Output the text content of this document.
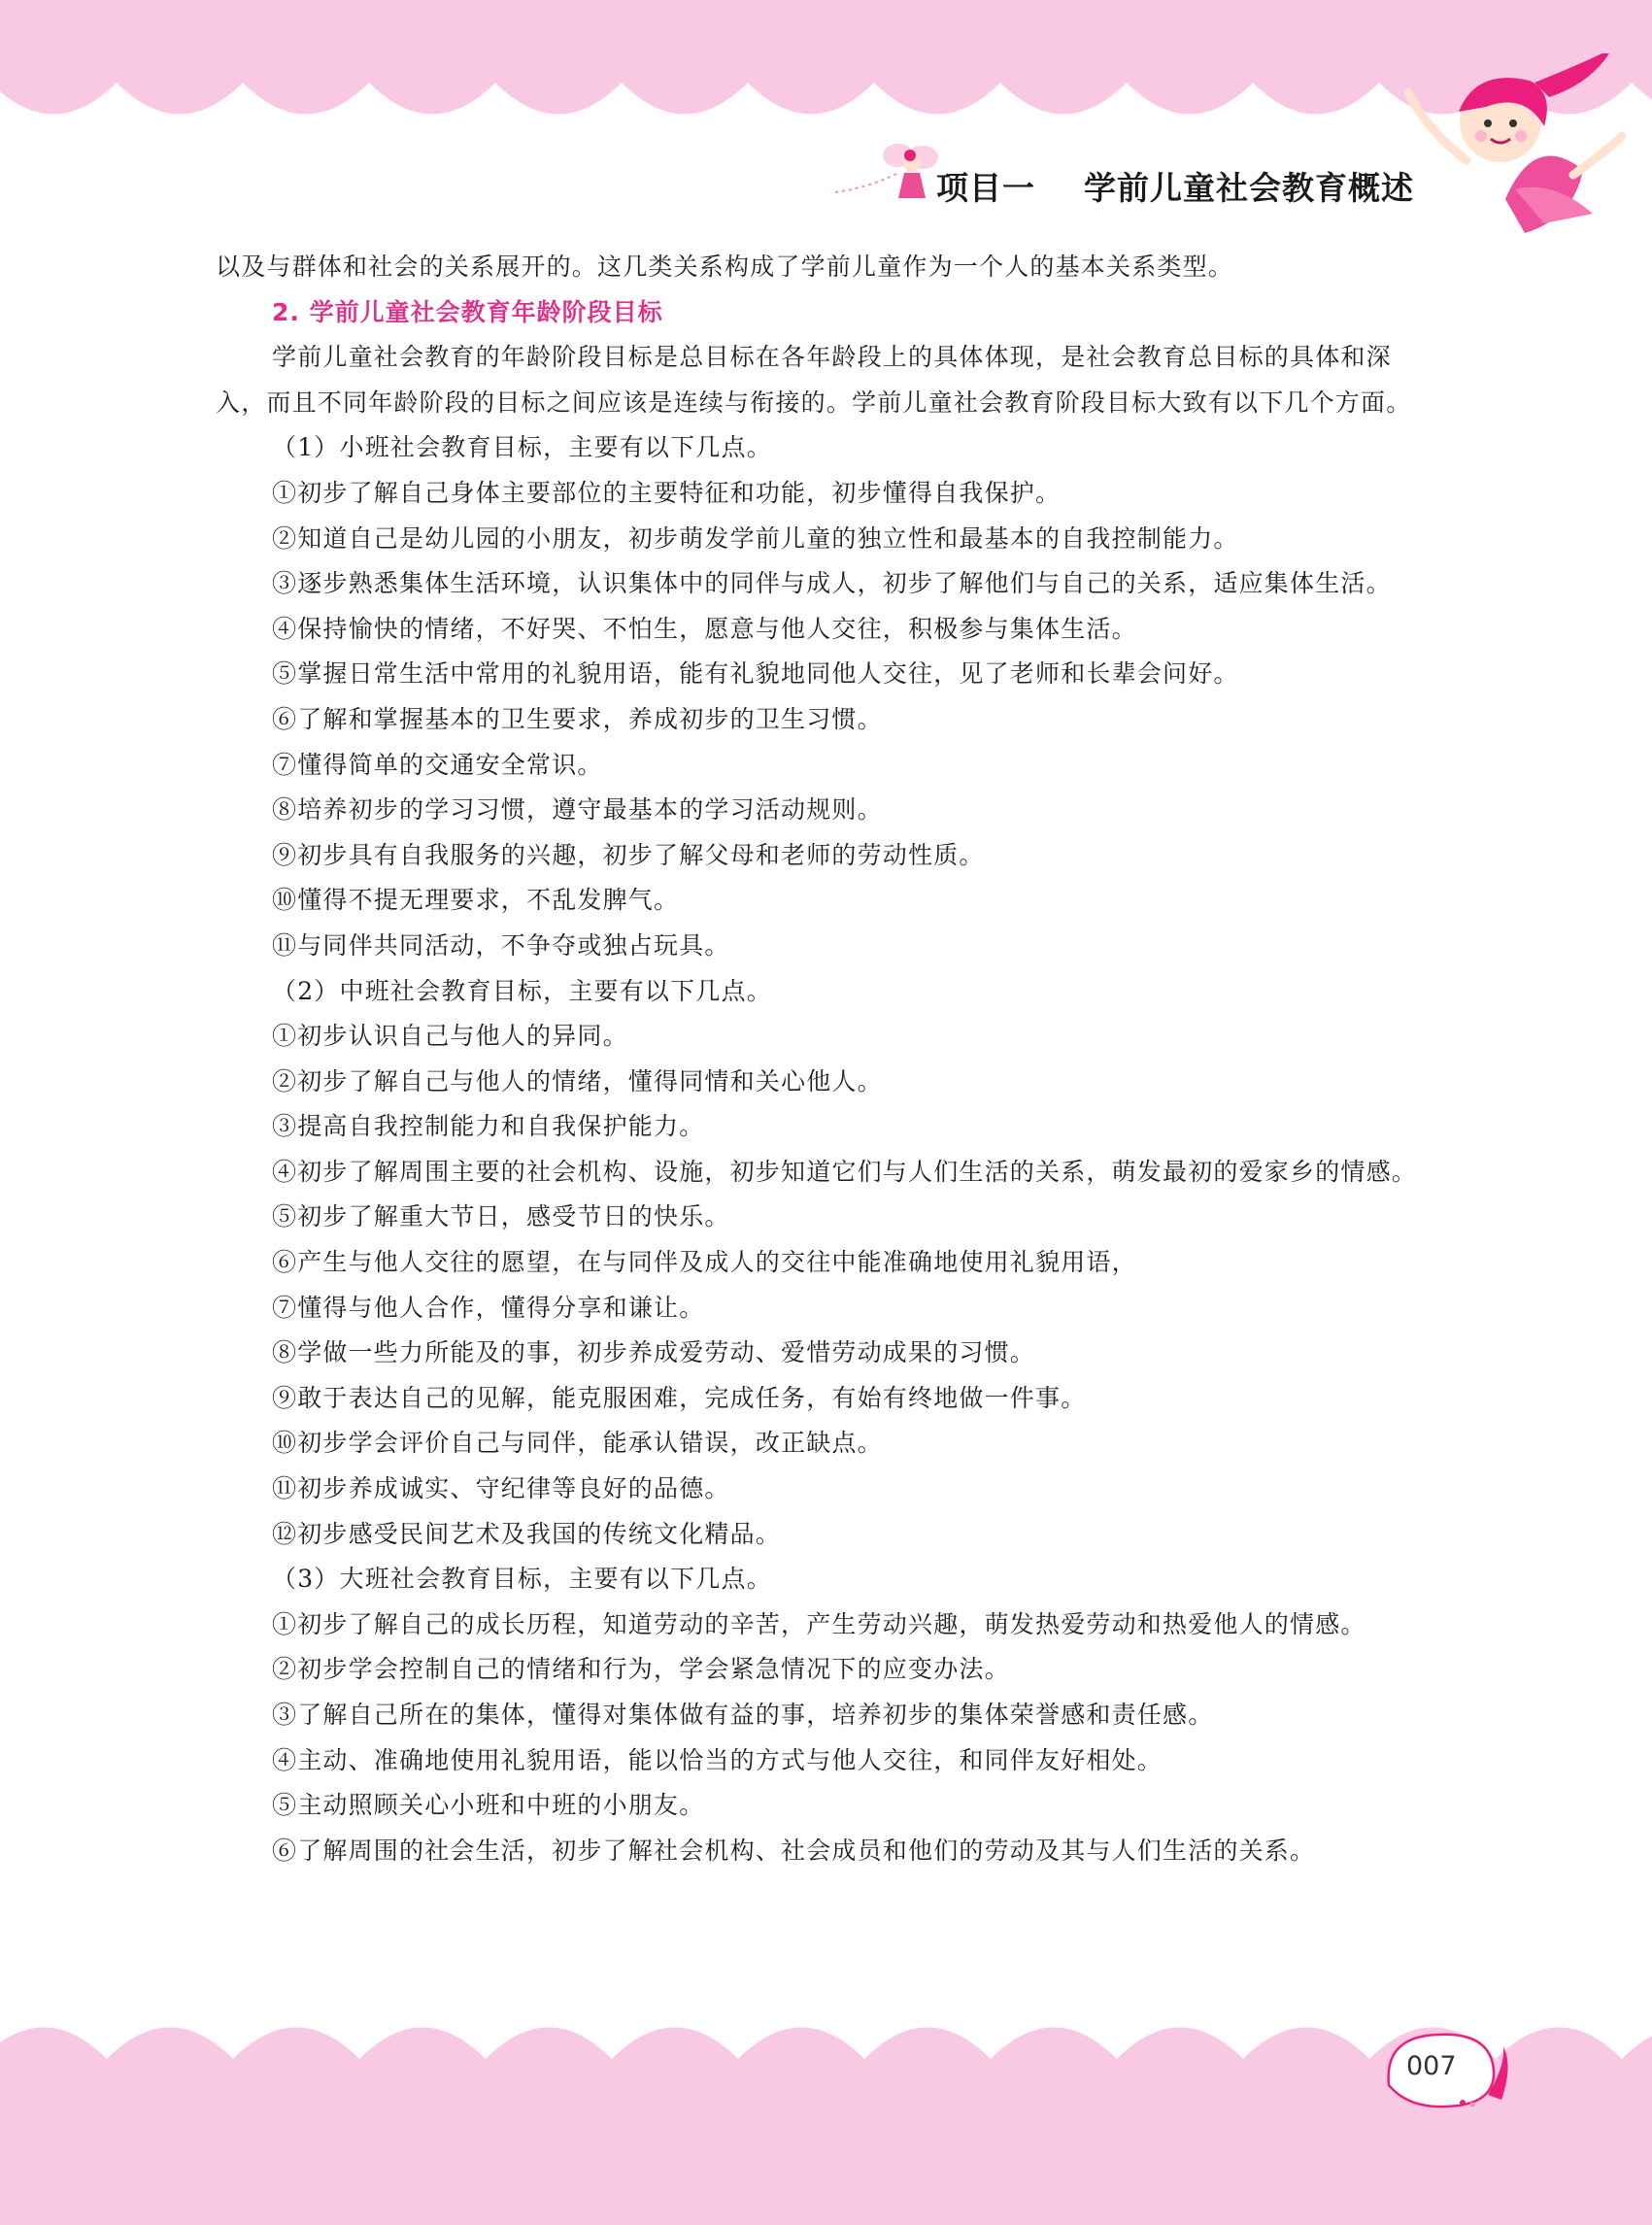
项目一 学前儿童社会教育概述

以及与群体和社会的关系展开的。这几类关系构成了学前儿童作为一个人的基本关系类型。

2. 学前儿童社会教育年龄阶段目标

学前儿童社会教育的年龄阶段目标是总目标在各年龄段上的具体体现，是社会教育总目标的具体和深入，而且不同年龄阶段的目标之间应该是连续与衔接的。学前儿童社会教育阶段目标大致有以下几个方面。

（1）小班社会教育目标，主要有以下几点。

①初步了解自己身体主要部位的主要特征和功能，初步懂得自我保护。

②知道自己是幼儿园的小朋友，初步萌发学前儿童的独立性和最基本的自我控制能力。

③逐步熟悉集体生活环境，认识集体中的同伴与成人，初步了解他们与自己的关系，适应集体生活。

④保持愉快的情绪，不好哭、不怕生，愿意与他人交往，积极参与集体生活。

⑤掌握日常生活中常用的礼貌用语，能有礼貌地同他人交往，见了老师和长辈会问好。

⑥了解和掌握基本的卫生要求，养成初步的卫生习惯。

⑦懂得简单的交通安全常识。

⑧培养初步的学习习惯，遵守最基本的学习活动规则。

⑨初步具有自我服务的兴趣，初步了解父母和老师的劳动性质。

⑩懂得不提无理要求，不乱发脾气。

⑪与同伴共同活动，不争夺或独占玩具。

（2）中班社会教育目标，主要有以下几点。

①初步认识自己与他人的异同。

②初步了解自己与他人的情绪，懂得同情和关心他人。

③提高自我控制能力和自我保护能力。

④初步了解周围主要的社会机构、设施，初步知道它们与人们生活的关系，萌发最初的爱家乡的情感。

⑤初步了解重大节日，感受节日的快乐。

⑥产生与他人交往的愿望，在与同伴及成人的交往中能准确地使用礼貌用语，

⑦懂得与他人合作，懂得分享和谦让。

⑧学做一些力所能及的事，初步养成爱劳动、爱惜劳动成果的习惯。

⑨敢于表达自己的见解，能克服困难，完成任务，有始有终地做一件事。

⑩初步学会评价自己与同伴，能承认错误，改正缺点。

⑪初步养成诚实、守纪律等良好的品德。

⑫初步感受民间艺术及我国的传统文化精品。

（3）大班社会教育目标，主要有以下几点。

①初步了解自己的成长历程，知道劳动的辛苦，产生劳动兴趣，萌发热爱劳动和热爱他人的情感。

②初步学会控制自己的情绪和行为，学会紧急情况下的应变办法。

③了解自己所在的集体，懂得对集体做有益的事，培养初步的集体荣誉感和责任感。

④主动、准确地使用礼貌用语，能以恰当的方式与他人交往，和同伴友好相处。

⑤主动照顾关心小班和中班的小朋友。

⑥了解周围的社会生活，初步了解社会机构、社会成员和他们的劳动及其与人们生活的关系。

007
